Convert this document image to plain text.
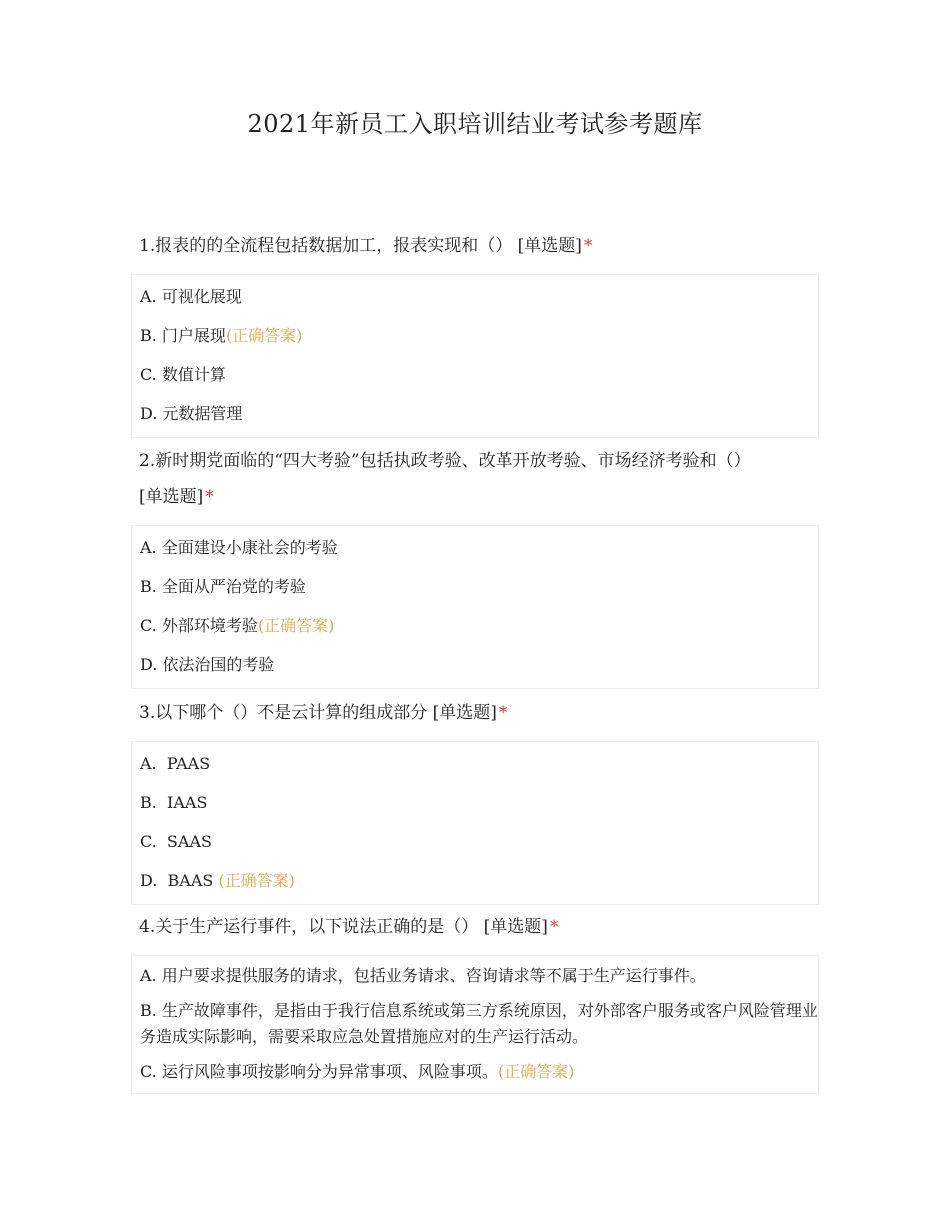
2021年新员工入职培训结业考试参考题库
1.报表的的全流程包括数据加工，报表实现和（） [单选题] *
A. 可视化展现
B. 门户展现(正确答案)
C. 数值计算
D. 元数据管理
2.新时期党面临的“四大考验”包括执政考验、改革开放考验、市场经济考验和（）
[单选题] *
A. 全面建设小康社会的考验
B. 全面从严治党的考验
C. 外部环境考验(正确答案)
D. 依法治国的考验
3.以下哪个（）不是云计算的组成部分 [单选题] *
A.  PAAS
B.  IAAS
C.  SAAS
D.  BAAS (正确答案)
4.关于生产运行事件，以下说法正确的是（） [单选题] *
A. 用户要求提供服务的请求，包括业务请求、咨询请求等不属于生产运行事件。
B. 生产故障事件，是指由于我行信息系统或第三方系统原因，对外部客户服务或客户风险管理业务造成实际影响，需要采取应急处置措施应对的生产运行活动。
C. 运行风险事项按影响分为异常事项、风险事项。(正确答案)
